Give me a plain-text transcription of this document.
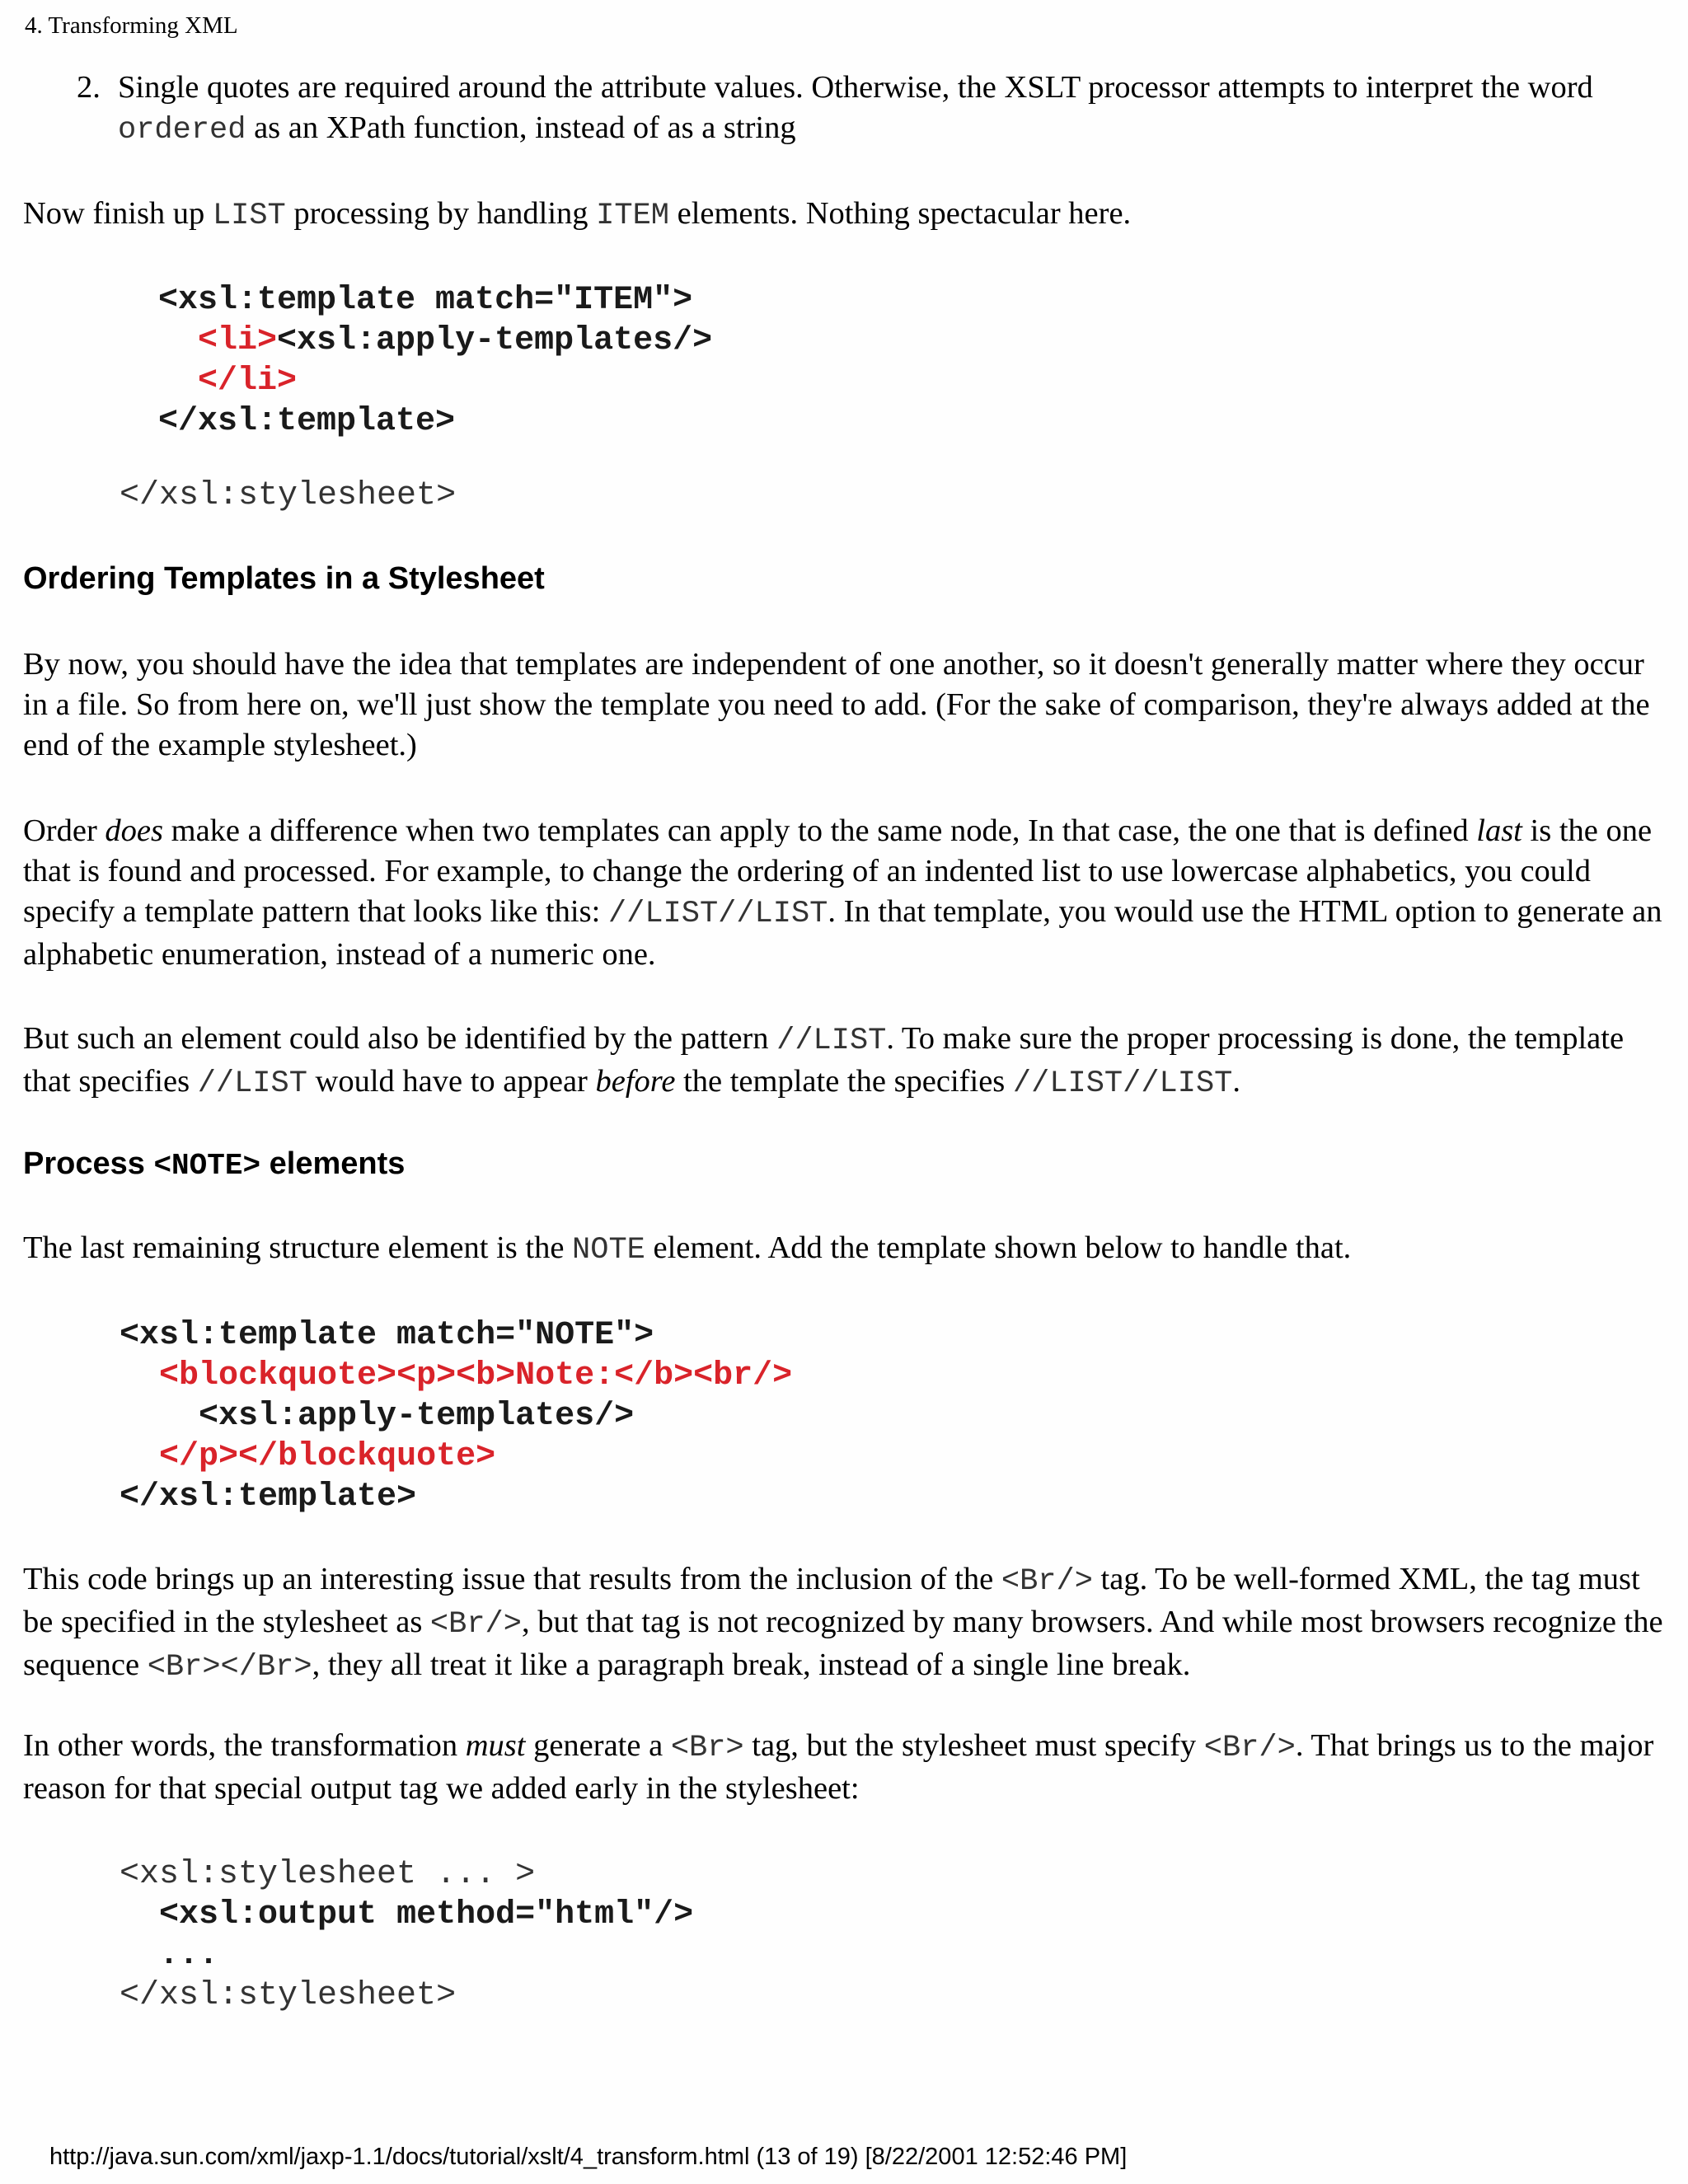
4. Transforming XML
2. Single quotes are required around the attribute values. Otherwise, the XSLT processor attempts to interpret the word ordered as an XPath function, instead of as a string

Now finish up LIST processing by handling ITEM elements. Nothing spectacular here.

<xsl:template match="ITEM">
<li><xsl:apply-templates/>
</li>
</xsl:template>
</xsl:stylesheet>
Ordering Templates in a Stylesheet

By now, you should have the idea that templates are independent of one another, so it doesn't generally matter where they occur in a file. So from here on, we'll just show the template you need to add. (For the sake of comparison, they're always added at the end of the example stylesheet.)

Order does make a difference when two templates can apply to the same node, In that case, the one that is defined last is the one that is found and processed. For example, to change the ordering of an indented list to use lowercase alphabetics, you could specify a template pattern that looks like this: //LIST//LIST. In that template, you would use the HTML option to generate an alphabetic enumeration, instead of a numeric one.

But such an element could also be identified by the pattern //LIST. To make sure the proper processing is done, the template that specifies //LIST would have to appear before the template the specifies //LIST//LIST.

Process <NOTE> elements

The last remaining structure element is the NOTE element. Add the template shown below to handle that.

<xsl:template match="NOTE">
<blockquote><p><b>Note:</b><br/>
<xsl:apply-templates/>
</p></blockquote>
</xsl:template>

This code brings up an interesting issue that results from the inclusion of the <Br/> tag. To be well-formed XML, the tag must be specified in the stylesheet as <Br/>, but that tag is not recognized by many browsers. And while most browsers recognize the sequence <Br></Br>, they all treat it like a paragraph break, instead of a single line break.

In other words, the transformation must generate a <Br> tag, but the stylesheet must specify <Br/>. That brings us to the major reason for that special output tag we added early in the stylesheet:

<xsl:stylesheet ... >
<xsl:output method="html"/>
...
</xsl:stylesheet>
http://java.sun.com/xml/jaxp-1.1/docs/tutorial/xslt/4_transform.html (13 of 19) [8/22/2001 12:52:46 PM]
